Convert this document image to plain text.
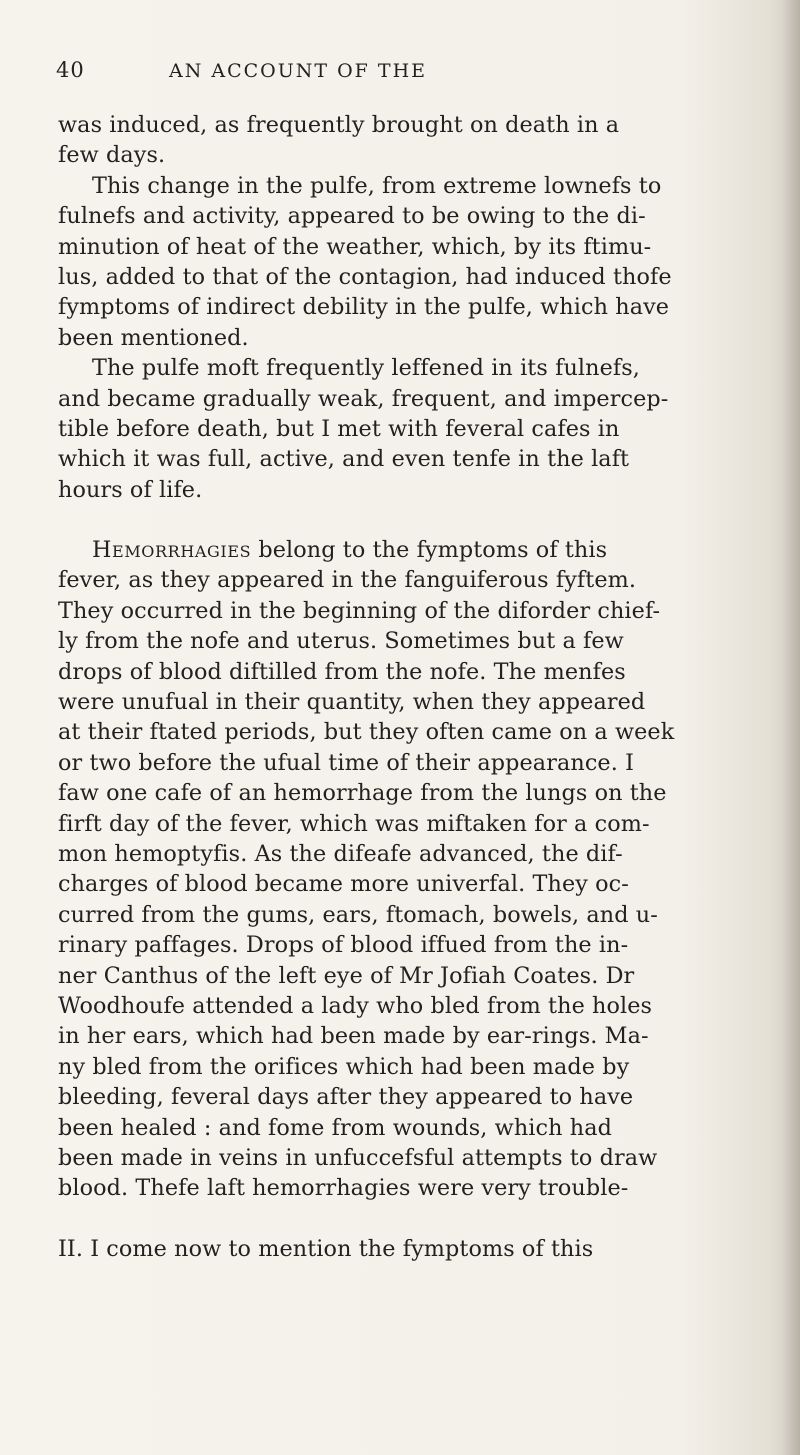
40	AN ACCOUNT OF THE
was induced, as frequently brought on death in a
few days.
This change in the pulfe, from extreme lownefs to
fulnefs and activity, appeared to be owing to the di-
minution of heat of the weather, which, by its ftimu-
lus, added to that of the contagion, had induced thofe
fymptoms of indirect debility in the pulfe, which have
been mentioned.
The pulfe moft frequently leffened in its fulnefs,
and became gradually weak, frequent, and impercep-
tible before death, but I met with feveral cafes in
which it was full, active, and even tenfe in the laft
hours of life.
Hemorrhagies belong to the fymptoms of this
fever, as they appeared in the fanguiferous fyftem.
They occurred in the beginning of the diforder chief-
ly from the nofe and uterus. Sometimes but a few
drops of blood diftilled from the nofe. The menfes
were unufual in their quantity, when they appeared
at their ftated periods, but they often came on a week
or two before the ufual time of their appearance. I
faw one cafe of an hemorrhage from the lungs on the
firft day of the fever, which was miftaken for a com-
mon hemoptyfis. As the difeafe advanced, the dif-
charges of blood became more univerfal. They oc-
curred from the gums, ears, ftomach, bowels, and u-
rinary paffages. Drops of blood iffued from the in-
ner Canthus of the left eye of Mr Jofiah Coates. Dr
Woodhoufe attended a lady who bled from the holes
in her ears, which had been made by ear-rings. Ma-
ny bled from the orifices which had been made by
bleeding, feveral days after they appeared to have
been healed : and fome from wounds, which had
been made in veins in unfuccefsful attempts to draw
blood. Thefe laft hemorrhagies were very trouble-
II. I come now to mention the fymptoms of this
